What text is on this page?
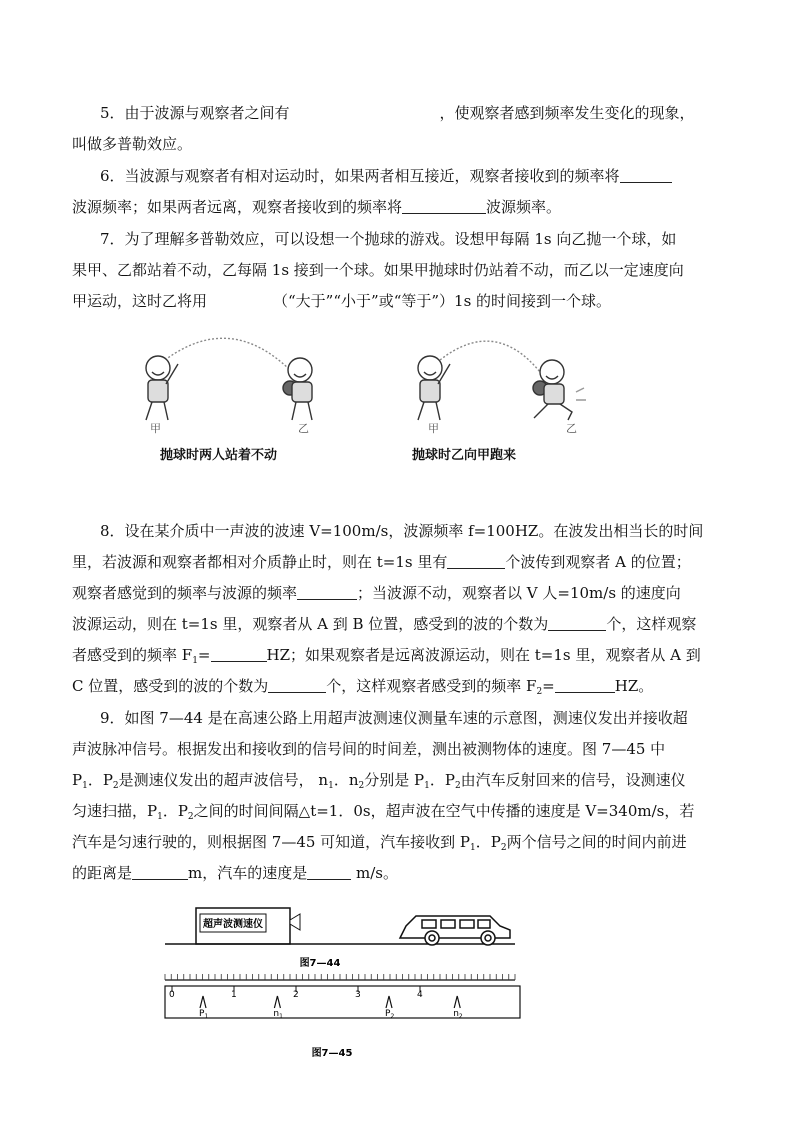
5．由于波源与观察者之间有	，使观察者感到频率发生变化的现象，
叫做多普勒效应。
6．当波源与观察者有相对运动时，如果两者相互接近，观察者接收到的频率将
波源频率；如果两者远离，观察者接收到的频率将	波源频率。
7．为了理解多普勒效应，可以设想一个抛球的游戏。设想甲每隔 1s 向乙抛一个球，如
果甲、乙都站着不动，乙每隔 1s 接到一个球。如果甲抛球时仍站着不动，而乙以一定速度向
甲运动，这时乙将用	（“大于”“小于”或“等于”）1s 的时间接到一个球。
甲	乙	甲	乙
抛球时两人站着不动	抛球时乙向甲跑来
8．设在某介质中一声波的波速 V=100m/s，波源频率 f=100HZ。在波发出相当长的时间
里，若波源和观察者都相对介质静止时，则在 t=1s 里有	个波传到观察者 A 的位置；
观察者感觉到的频率与波源的频率	；当波源不动，观察者以 V 人=10m/s 的速度向
波源运动，则在 t=1s 里，观察者从 A 到 B 位置，感受到的波的个数为	个，这样观察
者感受到的频率 $F_1=$	HZ；如果观察者是远离波源运动，则在 t=1s 里，观察者从 A 到
C 位置，感受到的波的个数为	个，这样观察者感受到的频率 $F_2=$	HZ。
9．如图 7—44 是在高速公路上用超声波测速仪测量车速的示意图，测速仪发出并接收超
声波脉冲信号。根据发出和接收到的信号间的时间差，测出被测物体的速度。图 7—45 中
$P_1$．$P_2$是测速仪发出的超声波信号， $n_1$．$n_2$分别是 $P_1$．$P_2$由汽车反射回来的信号，设测速仪
匀速扫描，$P_1$．$P_2$之间的时间间隔△t=1．0s，超声波在空气中传播的速度是 V=340m/s，若
汽车是匀速行驶的，则根据图 7—45 可知道，汽车接收到 $P_1$．$P_2$两个信号之间的时间内前进
的距离是	m，汽车的速度是	m/s。
超声波测速仪
图7—44
0	1	2	3	4
$P_1$	$n_1$	$P_2$	$n_2$
图7—45
